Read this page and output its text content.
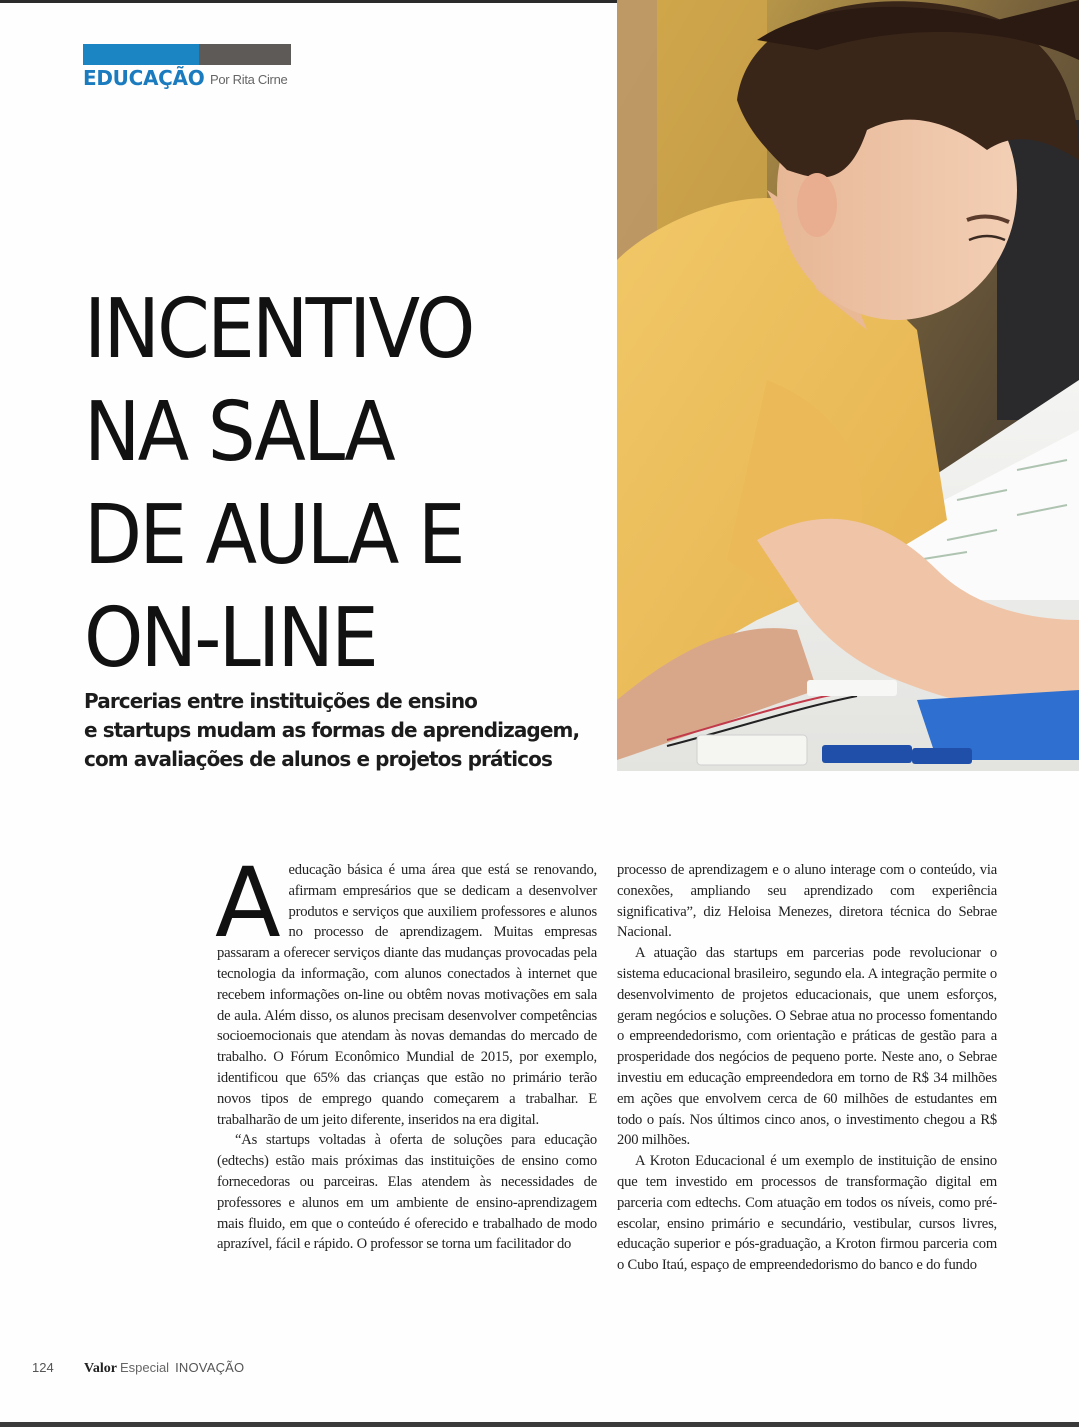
EDUCAÇÃO Por Rita Cirne
INCENTIVO
NA SALA
DE AULA E
ON-LINE
Parcerias entre instituições de ensino
e startups mudam as formas de aprendizagem,
com avaliações de alunos e projetos práticos

Aeducação básica é uma área que está se renovando, afirmam empresários que se dedicam a desenvolver produtos e serviços que auxiliem professores e alunos no processo de aprendizagem. Muitas empresas passaram a oferecer serviços diante das mudanças provocadas pela tecnologia da informação, com alunos conectados à internet que recebem informações on-line ou obtêm novas motivações em sala de aula. Além disso, os alunos precisam desenvolver competências socioemocionais que atendam às novas demandas do mercado de trabalho. O Fórum Econômico Mundial de 2015, por exemplo, identificou que 65% das crianças que estão no primário terão novos tipos de emprego quando começarem a trabalhar. E trabalharão de um jeito diferente, inseridos na era digital.

“As startups voltadas à oferta de soluções para educação (edtechs) estão mais próximas das instituições de ensino como fornecedoras ou parceiras. Elas atendem às necessidades de professores e alunos em um ambiente de ensino-aprendizagem mais fluido, em que o conteúdo é oferecido e trabalhado de modo aprazível, fácil e rápido. O professor se torna um facilitador do

processo de aprendizagem e o aluno interage com o conteúdo, via conexões, ampliando seu aprendizado com experiência significativa”, diz Heloisa Menezes, diretora técnica do Sebrae Nacional.

A atuação das startups em parcerias pode revolucionar o sistema educacional brasileiro, segundo ela. A integração permite o desenvolvimento de projetos educacionais, que unem esforços, geram negócios e soluções. O Sebrae atua no processo fomentando o empreendedorismo, com orientação e práticas de gestão para a prosperidade dos negócios de pequeno porte. Neste ano, o Sebrae investiu em educação empreendedora em torno de R$ 34 milhões em ações que envolvem cerca de 60 milhões de estudantes em todo o país. Nos últimos cinco anos, o investimento chegou a R$ 200 milhões.

A Kroton Educacional é um exemplo de instituição de ensino que tem investido em processos de transformação digital em parceria com edtechs. Com atuação em todos os níveis, como pré-escolar, ensino primário e secundário, vestibular, cursos livres, educação superior e pós-graduação, a Kroton firmou parceria com o Cubo Itaú, espaço de empreendedorismo do banco e do fundo

124	Valor Especial INOVAÇÃO
